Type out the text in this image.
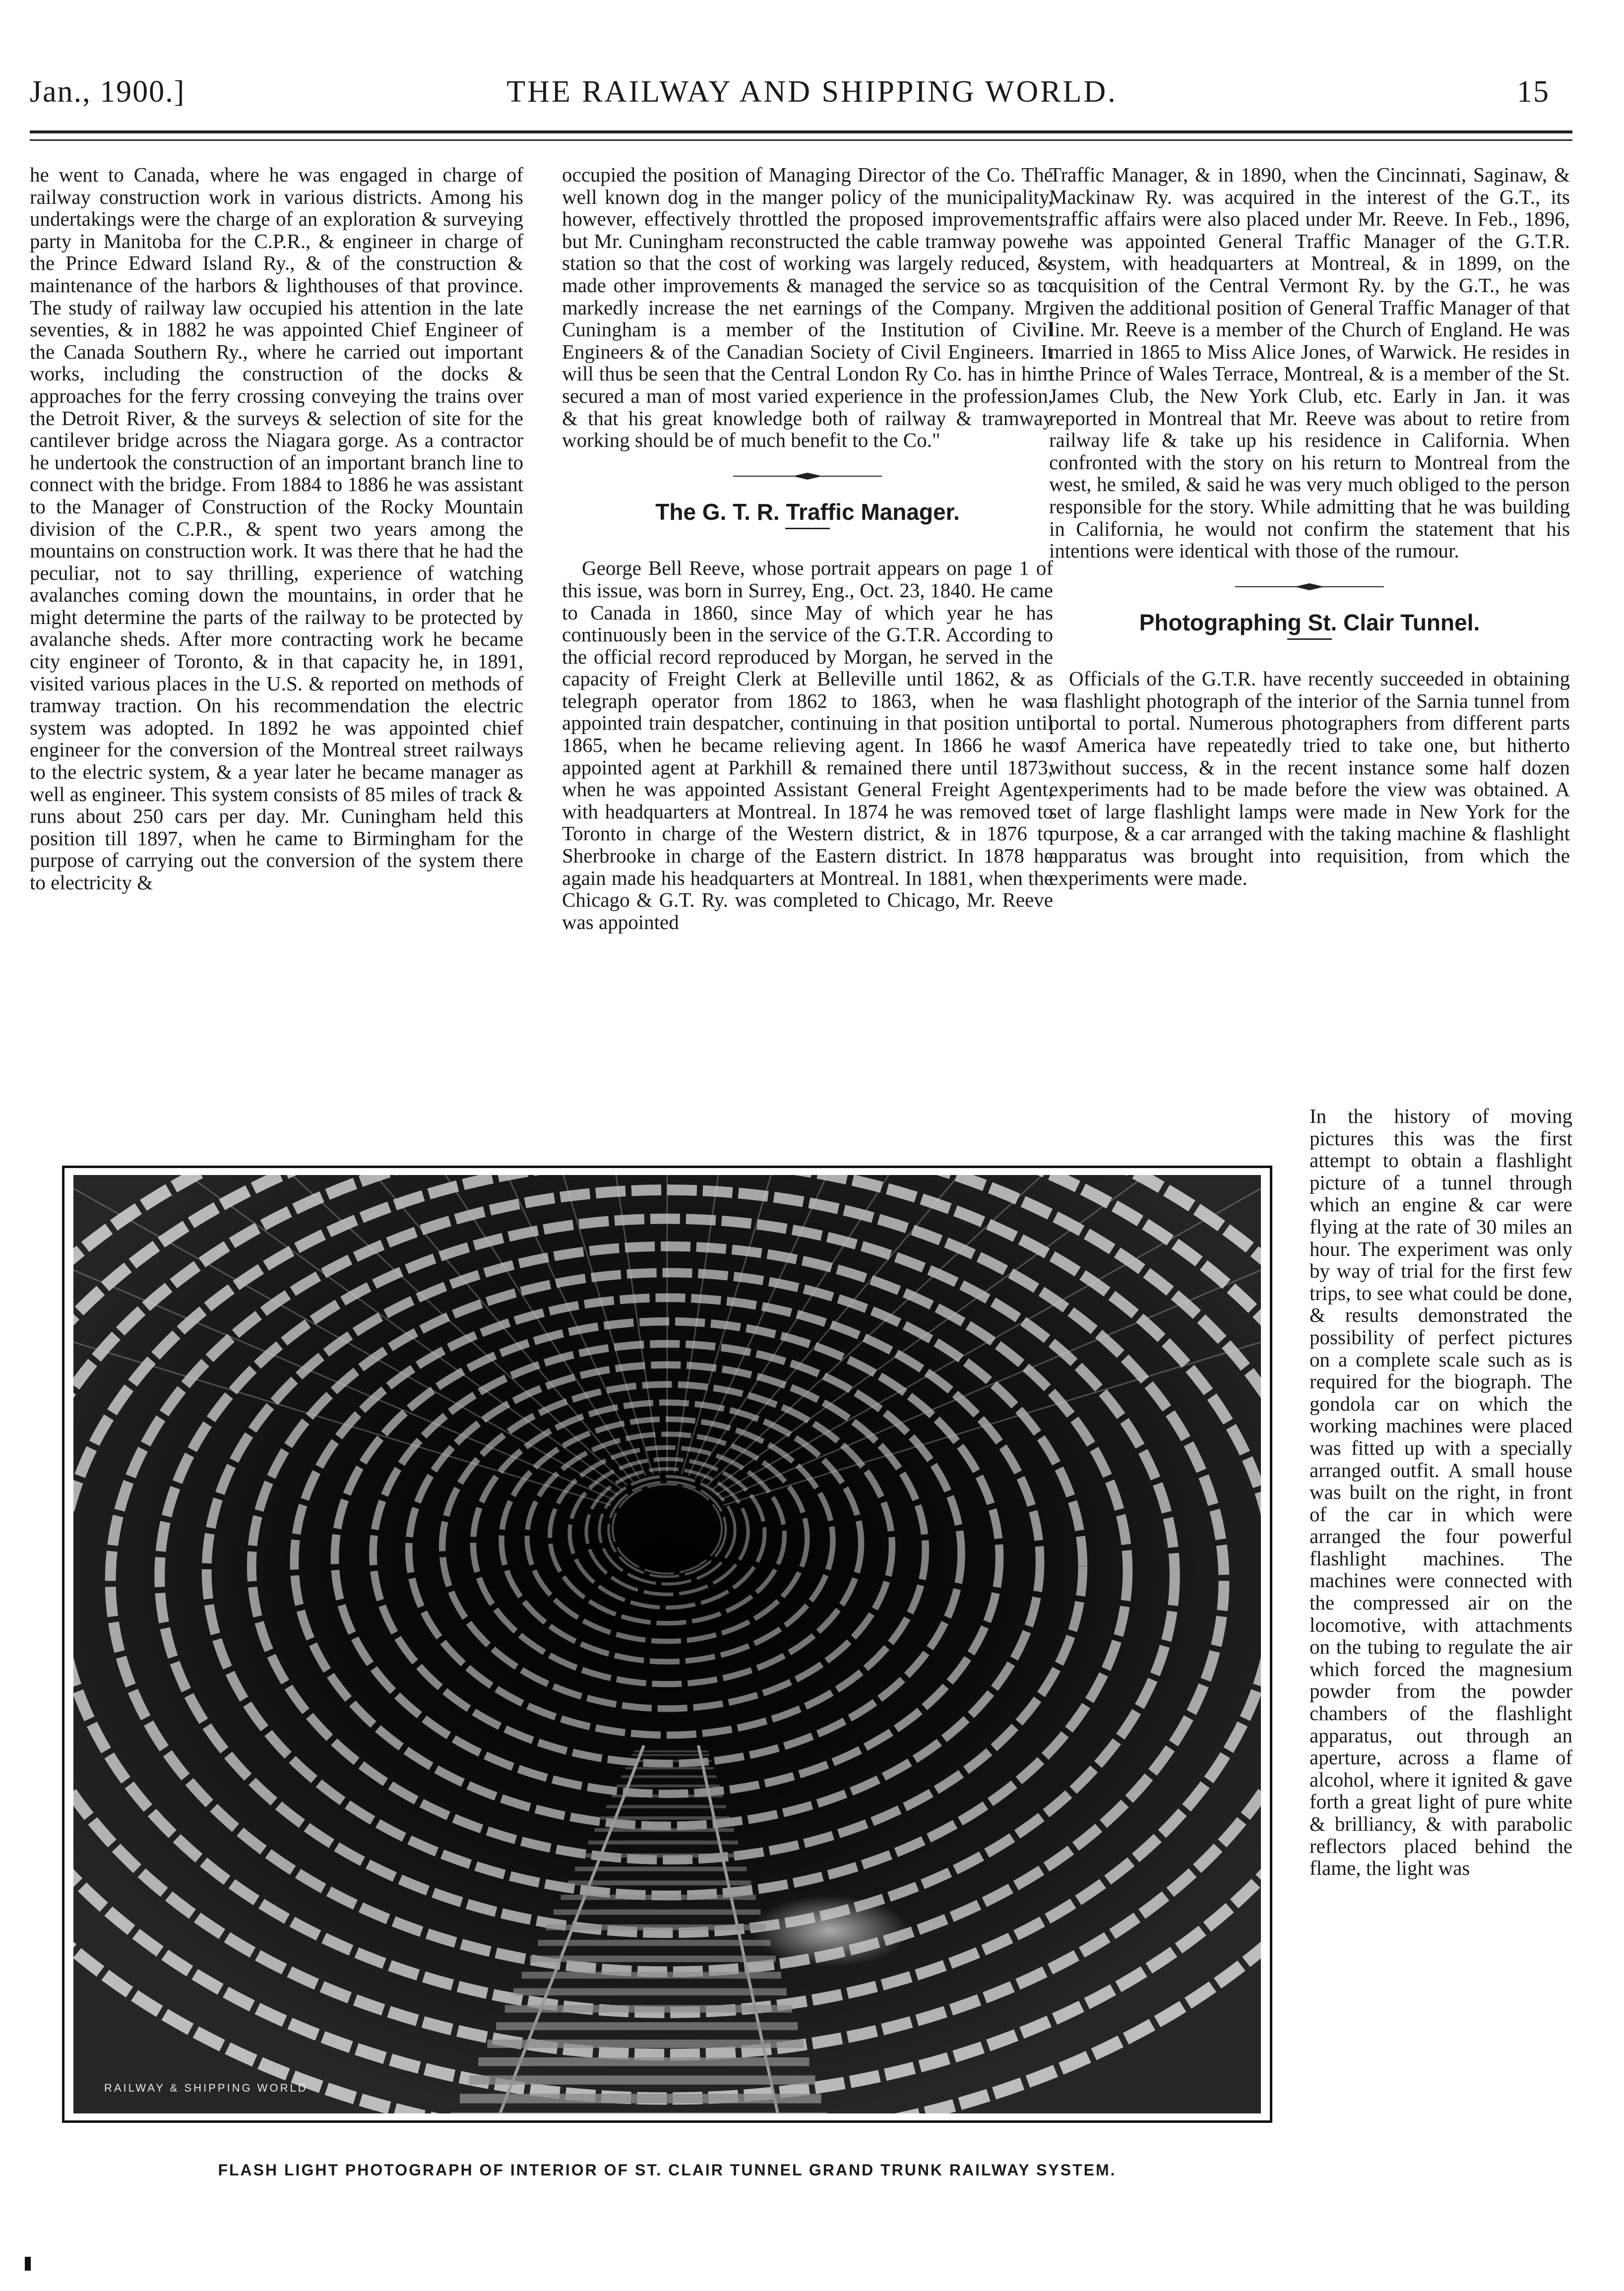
Jan., 1900.]	THE RAILWAY AND SHIPPING WORLD.	15

he went to Canada, where he was engaged in charge of railway construction work in various districts. Among his undertakings were the charge of an exploration & surveying party in Manitoba for the C.P.R., & engineer in charge of the Prince Edward Island Ry., & of the construction & maintenance of the harbors & lighthouses of that province. The study of railway law occupied his attention in the late seventies, & in 1882 he was appointed Chief Engineer of the Canada Southern Ry., where he carried out important works, including the construction of the docks & approaches for the ferry crossing conveying the trains over the Detroit River, & the surveys & selection of site for the cantilever bridge across the Niagara gorge. As a contractor he undertook the construction of an important branch line to connect with the bridge. From 1884 to 1886 he was assistant to the Manager of Construction of the Rocky Mountain division of the C.P.R., & spent two years among the mountains on construction work. It was there that he had the peculiar, not to say thrilling, experience of watching avalanches coming down the mountains, in order that he might determine the parts of the railway to be protected by avalanche sheds. After more contracting work he became city engineer of Toronto, & in that capacity he, in 1891, visited various places in the U.S. & reported on methods of tramway traction. On his recommendation the electric system was adopted. In 1892 he was appointed chief engineer for the conversion of the Montreal street railways to the electric system, & a year later he became manager as well as engineer. This system consists of 85 miles of track & runs about 250 cars per day. Mr. Cuningham held this position till 1897, when he came to Birmingham for the purpose of carrying out the conversion of the system there to electricity &

occupied the position of Managing Director of the Co. The well known dog in the manger policy of the municipality, however, effectively throttled the proposed improvements, but Mr. Cuningham reconstructed the cable tramway power station so that the cost of working was largely reduced, & made other improvements & managed the service so as to markedly increase the net earnings of the Company. Mr. Cuningham is a member of the Institution of Civil Engineers & of the Canadian Society of Civil Engineers. It will thus be seen that the Central London Ry Co. has in him secured a man of most varied experience in the profession, & that his great knowledge both of railway & tramway working should be of much benefit to the Co."

The G. T. R. Traffic Manager.

George Bell Reeve, whose portrait appears on page 1 of this issue, was born in Surrey, Eng., Oct. 23, 1840. He came to Canada in 1860, since May of which year he has continuously been in the service of the G.T.R. According to the official record reproduced by Morgan, he served in the capacity of Freight Clerk at Belleville until 1862, & as telegraph operator from 1862 to 1863, when he was appointed train despatcher, continuing in that position until 1865, when he became relieving agent. In 1866 he was appointed agent at Parkhill & remained there until 1873, when he was appointed Assistant General Freight Agent, with headquarters at Montreal. In 1874 he was removed to Toronto in charge of the Western district, & in 1876 to Sherbrooke in charge of the Eastern district. In 1878 he again made his headquarters at Montreal. In 1881, when the Chicago & G.T. Ry. was completed to Chicago, Mr. Reeve was appointed

Traffic Manager, & in 1890, when the Cincinnati, Saginaw, & Mackinaw Ry. was acquired in the interest of the G.T., its traffic affairs were also placed under Mr. Reeve. In Feb., 1896, he was appointed General Traffic Manager of the G.T.R. system, with headquarters at Montreal, & in 1899, on the acquisition of the Central Vermont Ry. by the G.T., he was given the additional position of General Traffic Manager of that line. Mr. Reeve is a member of the Church of England. He was married in 1865 to Miss Alice Jones, of Warwick. He resides in the Prince of Wales Terrace, Montreal, & is a member of the St. James Club, the New York Club, etc. Early in Jan. it was reported in Montreal that Mr. Reeve was about to retire from railway life & take up his residence in California. When confronted with the story on his return to Montreal from the west, he smiled, & said he was very much obliged to the person responsible for the story. While admitting that he was building in California, he would not confirm the statement that his intentions were identical with those of the rumour.

Photographing St. Clair Tunnel.

Officials of the G.T.R. have recently succeeded in obtaining a flashlight photograph of the interior of the Sarnia tunnel from portal to portal. Numerous photographers from different parts of America have repeatedly tried to take one, but hitherto without success, & in the recent instance some half dozen experiments had to be made before the view was obtained. A set of large flashlight lamps were made in New York for the purpose, & a car arranged with the taking machine & flashlight apparatus was brought into requisition, from which the experiments were made.

RAILWAY & SHIPPING WORLD
FLASH LIGHT PHOTOGRAPH OF INTERIOR OF ST. CLAIR TUNNEL GRAND TRUNK RAILWAY SYSTEM.

In the history of moving pictures this was the first attempt to obtain a flashlight picture of a tunnel through which an engine & car were flying at the rate of 30 miles an hour. The experiment was only by way of trial for the first few trips, to see what could be done, & results demonstrated the possibility of perfect pictures on a complete scale such as is required for the biograph. The gondola car on which the working machines were placed was fitted up with a specially arranged outfit. A small house was built on the right, in front of the car in which were arranged the four powerful flashlight machines. The machines were connected with the compressed air on the locomotive, with attachments on the tubing to regulate the air which forced the magnesium powder from the powder chambers of the flashlight apparatus, out through an aperture, across a flame of alcohol, where it ignited & gave forth a great light of pure white & brilliancy, & with parabolic reflectors placed behind the flame, the light was
